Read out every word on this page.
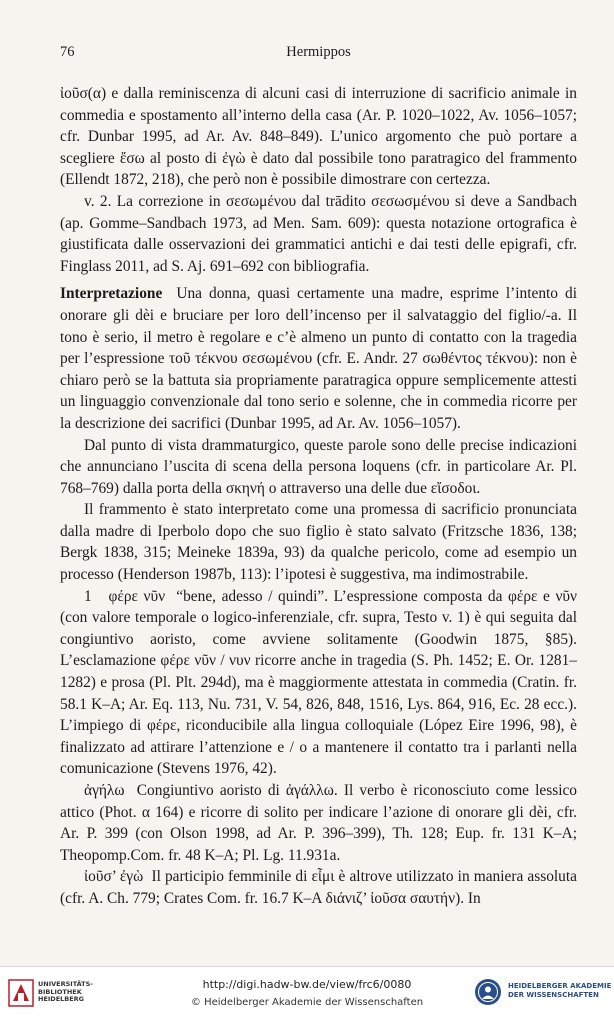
76	Hermippos

ἰοῦσ(α) e dalla reminiscenza di alcuni casi di interruzione di sacrificio animale in commedia e spostamento all’interno della casa (Ar. P. 1020–1022, Av. 1056–1057; cfr. Dunbar 1995, ad Ar. Av. 848–849). L’unico argomento che può portare a scegliere ἔσω al posto di ἐγὼ è dato dal possibile tono paratragico del frammento (Ellendt 1872, 218), che però non è possibile dimostrare con certezza.

v. 2. La correzione in σεσωμένου dal trādito σεσωσμένου si deve a Sandbach (ap. Gomme–Sandbach 1973, ad Men. Sam. 609): questa notazione ortografica è giustificata dalle osservazioni dei grammatici antichi e dai testi delle epigrafi, cfr. Finglass 2011, ad S. Aj. 691–692 con bibliografia.

Interpretazione Una donna, quasi certamente una madre, esprime l’intento di onorare gli dèi e bruciare per loro dell’incenso per il salvataggio del figlio/-a. Il tono è serio, il metro è regolare e c’è almeno un punto di contatto con la tragedia per l’espressione τοῦ τέκνου σεσωμένου (cfr. E. Andr. 27 σωθέντος τέκνου): non è chiaro però se la battuta sia propriamente paratragica oppure semplicemente attesti un linguaggio convenzionale dal tono serio e solenne, che in commedia ricorre per la descrizione dei sacrifici (Dunbar 1995, ad Ar. Av. 1056–1057).

Dal punto di vista drammaturgico, queste parole sono delle precise indicazioni che annunciano l’uscita di scena della persona loquens (cfr. in particolare Ar. Pl. 768–769) dalla porta della σκηνή o attraverso una delle due εἴσοδοι.

Il frammento è stato interpretato come una promessa di sacrificio pronunciata dalla madre di Iperbolo dopo che suo figlio è stato salvato (Fritzsche 1836, 138; Bergk 1838, 315; Meineke 1839a, 93) da qualche pericolo, come ad esempio un processo (Henderson 1987b, 113): l’ipotesi è suggestiva, ma indimostrabile.

1 φέρε νῦν “bene, adesso / quindi”. L’espressione composta da φέρε e νῦν (con valore temporale o logico-inferenziale, cfr. supra, Testo v. 1) è qui seguita dal congiuntivo aoristo, come avviene solitamente (Goodwin 1875, §85). L’esclamazione φέρε νῦν / νυν ricorre anche in tragedia (S. Ph. 1452; E. Or. 1281–1282) e prosa (Pl. Plt. 294d), ma è maggiormente attestata in commedia (Cratin. fr. 58.1 K–A; Ar. Eq. 113, Nu. 731, V. 54, 826, 848, 1516, Lys. 864, 916, Ec. 28 ecc.). L’impiego di φέρε, riconducibile alla lingua colloquiale (López Eire 1996, 98), è finalizzato ad attirare l’attenzione e / o a mantenere il contatto tra i parlanti nella comunicazione (Stevens 1976, 42).

ἀγήλω Congiuntivo aoristo di ἀγάλλω. Il verbo è riconosciuto come lessico attico (Phot. α 164) e ricorre di solito per indicare l’azione di onorare gli dèi, cfr. Ar. P. 399 (con Olson 1998, ad Ar. P. 396–399), Th. 128; Eup. fr. 131 K–A; Theopomp.Com. fr. 48 K–A; Pl. Lg. 11.931a.

ἰοῦσ’ ἐγὼ Il participio femminile di εἶμι è altrove utilizzato in maniera assoluta (cfr. A. Ch. 779; Crates Com. fr. 16.7 K–A διάνιζ’ ἰοῦσα σαυτήν). In

UNIVERSITÄTS-
BIBLIOTHEK
HEIDELBERG
http://digi.hadw-bw.de/view/frc6/0080
© Heidelberger Akademie der Wissenschaften
HEIDELBERGER AKADEMIE
DER WISSENSCHAFTEN
